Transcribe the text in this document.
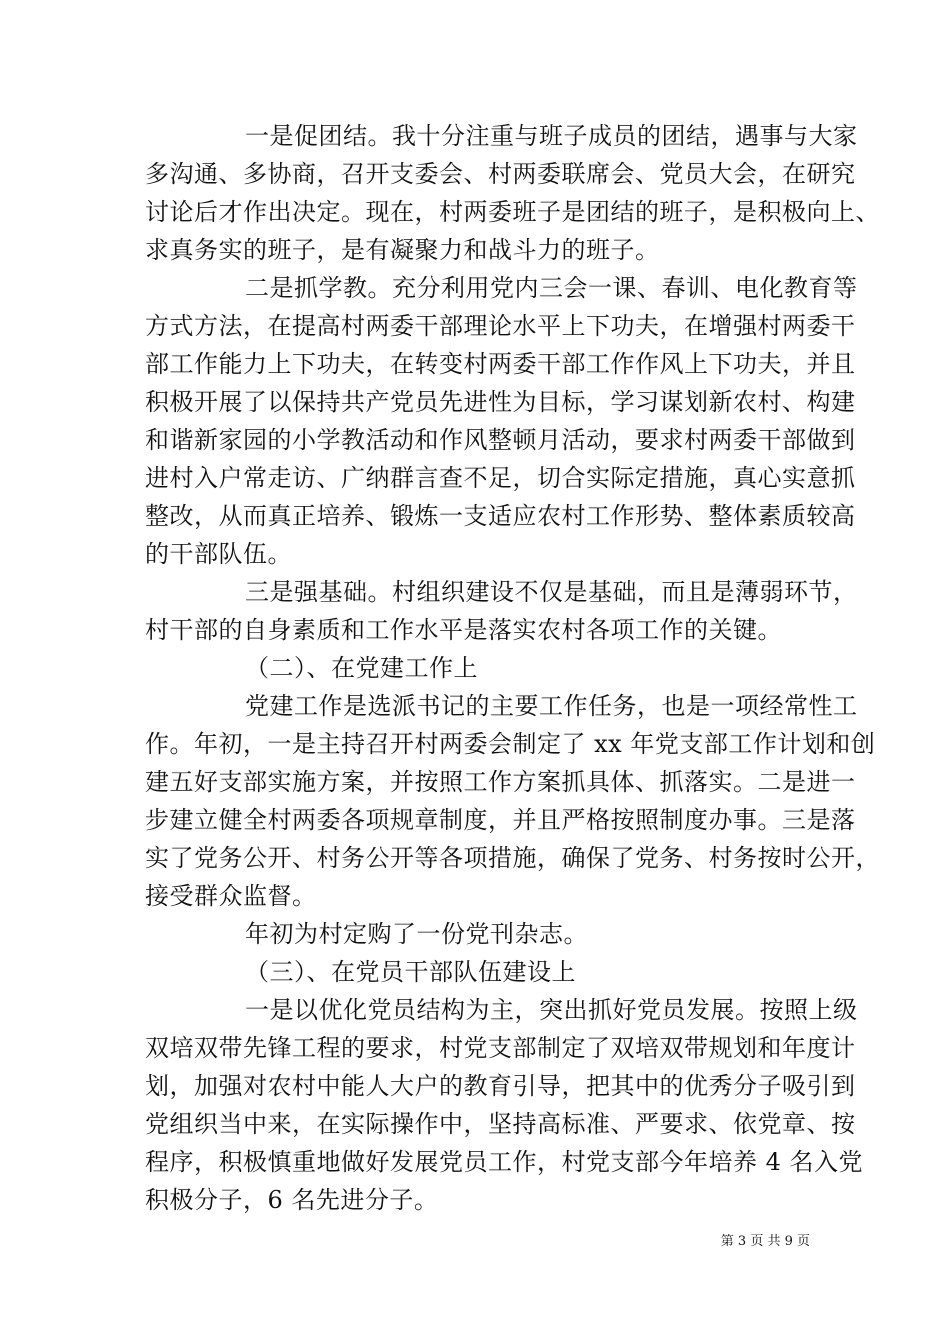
一是促团结。我十分注重与班子成员的团结，遇事与大家
多沟通、多协商，召开支委会、村两委联席会、党员大会，在研究
讨论后才作出决定。现在，村两委班子是团结的班子，是积极向上、
求真务实的班子，是有凝聚力和战斗力的班子。
二是抓学教。充分利用党内三会一课、春训、电化教育等
方式方法，在提高村两委干部理论水平上下功夫，在增强村两委干
部工作能力上下功夫，在转变村两委干部工作作风上下功夫，并且
积极开展了以保持共产党员先进性为目标，学习谋划新农村、构建
和谐新家园的小学教活动和作风整顿月活动，要求村两委干部做到
进村入户常走访、广纳群言查不足，切合实际定措施，真心实意抓
整改，从而真正培养、锻炼一支适应农村工作形势、整体素质较高
的干部队伍。
三是强基础。村组织建设不仅是基础，而且是薄弱环节，
村干部的自身素质和工作水平是落实农村各项工作的关键。
（二）、在党建工作上
党建工作是选派书记的主要工作任务，也是一项经常性工
作。年初，一是主持召开村两委会制定了 xx 年党支部工作计划和创
建五好支部实施方案，并按照工作方案抓具体、抓落实。二是进一
步建立健全村两委各项规章制度，并且严格按照制度办事。三是落
实了党务公开、村务公开等各项措施，确保了党务、村务按时公开，
接受群众监督。
年初为村定购了一份党刊杂志。
（三）、在党员干部队伍建设上
一是以优化党员结构为主，突出抓好党员发展。按照上级
双培双带先锋工程的要求，村党支部制定了双培双带规划和年度计
划，加强对农村中能人大户的教育引导，把其中的优秀分子吸引到
党组织当中来，在实际操作中，坚持高标准、严要求、依党章、按
程序，积极慎重地做好发展党员工作，村党支部今年培养 4 名入党
积极分子，6 名先进分子。
第 3 页 共 9 页
